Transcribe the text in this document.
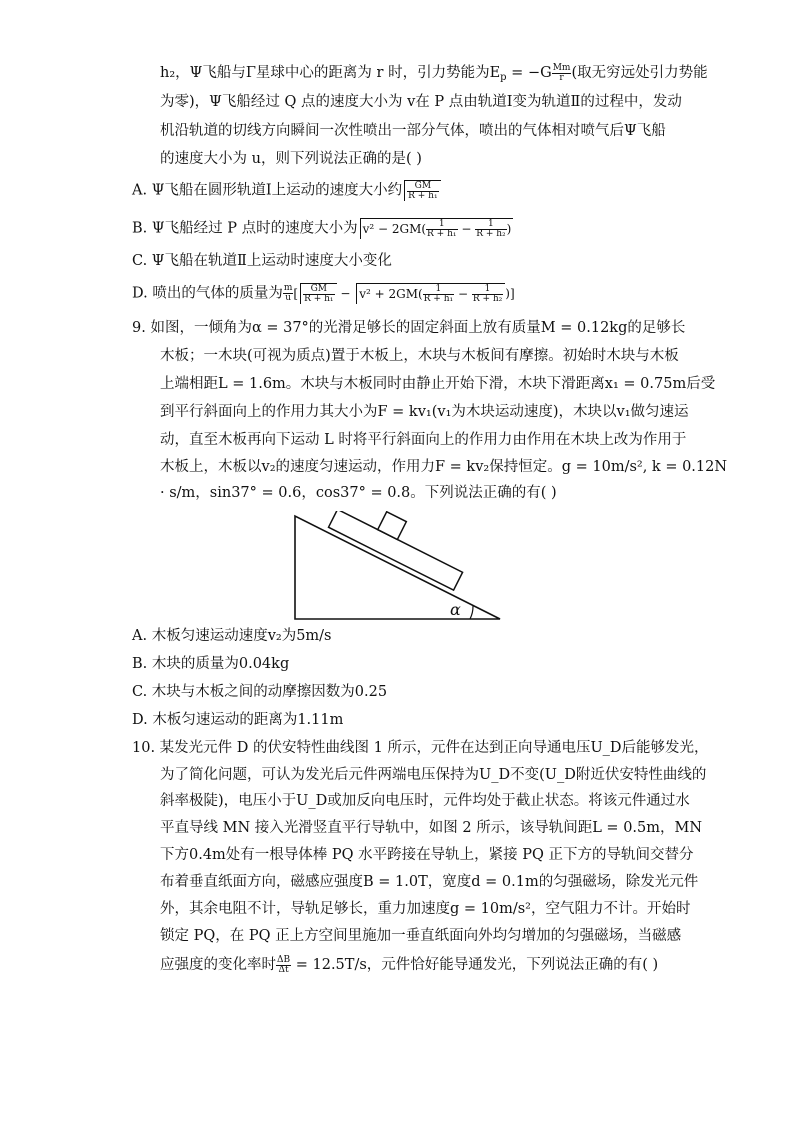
h₂，Ψ飞船与Γ星球中心的距离为 r 时，引力势能为$E_p = -G \frac{Mm}{r}$ (取无穷远处引力势能
为零)，Ψ飞船经过 Q 点的速度大小为 v在 P 点由轨道Ⅰ变为轨道Ⅱ的过程中，发动
机沿轨道的切线方向瞬间一次性喷出一部分气体，喷出的气体相对喷气后Ψ飞船
的速度大小为 u，则下列说法正确的是( )
A. Ψ飞船在圆形轨道Ⅰ上运动的速度大小约 $\frac{GM}{\text{R + h₁}}$
B. Ψ飞船经过 P 点时的速度大小为 $v^2 - 2GM( \frac{1}{\text{R + h₁}} - \frac{1}{\text{R + h₂}}$ )
C. Ψ飞船在轨道Ⅱ上运动时速度大小变化
D. 喷出的气体的质量为 $\frac{m}{u}$ [ $\frac{GM}{\text{R + h₁}} - v^2 + 2GM( \frac{1}{\text{R + h₁}} - \frac{1}{\text{R + h₂}}$ )]
9. 如图，一倾角为α = 37°的光滑足够长的固定斜面上放有质量M = 0.12kg的足够长
木板；一木块(可视为质点)置于木板上，木块与木板间有摩擦。初始时木块与木板
上端相距L = 1.6m。木块与木板同时由静止开始下滑，木块下滑距离x₁ = 0.75m后受
到平行斜面向上的作用力其大小为F = kv₁(v₁为木块运动速度)，木块以v₁做匀速运
动，直至木板再向下运动 L 时将平行斜面向上的作用力由作用在木块上改为作用于
木板上，木板以v₂的速度匀速运动，作用力F = kv₂保持恒定。g = 10m/s², k = 0.12N
· s/m，sin37° = 0.6，cos37° = 0.8。下列说法正确的有( )
α
A. 木板匀速运动速度v₂为5m/s
B. 木块的质量为0.04kg
C. 木块与木板之间的动摩擦因数为0.25
D. 木板匀速运动的距离为1.11m
10. 某发光元件 D 的伏安特性曲线图 1 所示，元件在达到正向导通电压U_D后能够发光，
为了简化问题，可认为发光后元件两端电压保持为U_D不变(U_D附近伏安特性曲线的
斜率极陡)，电压小于U_D或加反向电压时，元件均处于截止状态。将该元件通过水
平直导线 MN 接入光滑竖直平行导轨中，如图 2 所示，该导轨间距L = 0.5m，MN
下方0.4m处有一根导体棒 PQ 水平跨接在导轨上，紧接 PQ 正下方的导轨间交替分
布着垂直纸面方向，磁感应强度B = 1.0T，宽度d = 0.1m的匀强磁场，除发光元件
外，其余电阻不计，导轨足够长，重力加速度g = 10m/s²，空气阻力不计。开始时
锁定 PQ，在 PQ 正上方空间里施加一垂直纸面向外均匀增加的匀强磁场，当磁感
应强度的变化率时 $\frac{\Delta B}{\Delta t} = 12.5T/s$，元件恰好能导通发光，下列说法正确的有( )
